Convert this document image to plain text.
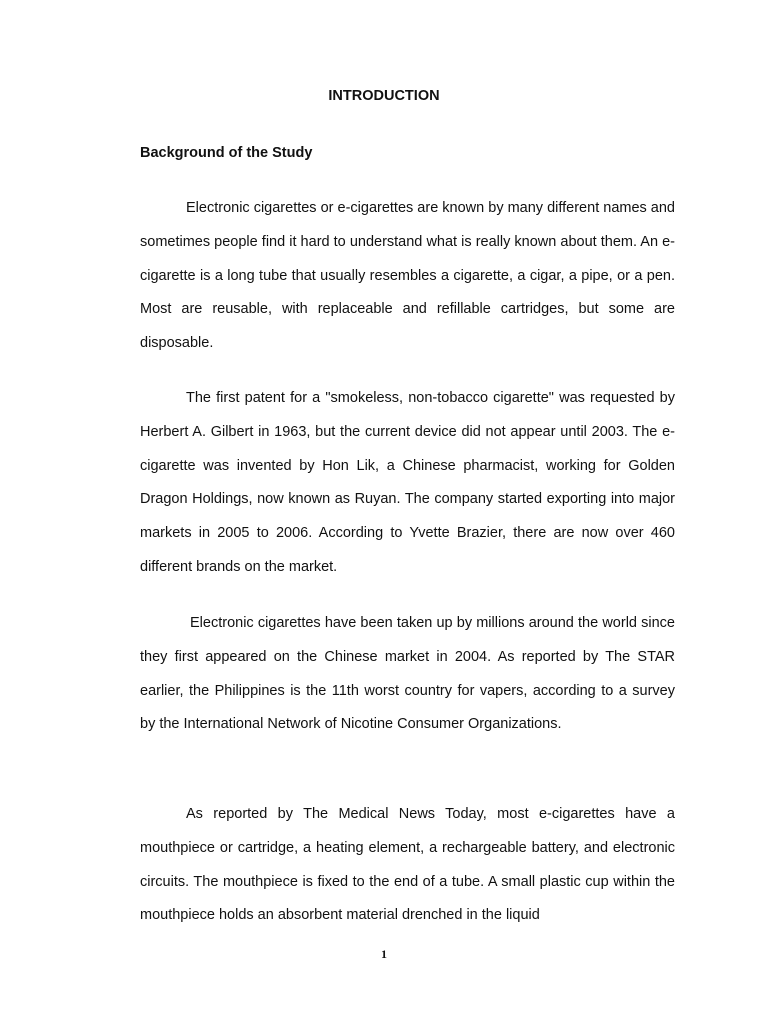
INTRODUCTION
Background of the Study

Electronic cigarettes or e-cigarettes are known by many different names and sometimes people find it hard to understand what is really known about them. An e-cigarette is a long tube that usually resembles a cigarette, a cigar, a pipe, or a pen. Most are reusable, with replaceable and refillable cartridges, but some are disposable.

The first patent for a "smokeless, non-tobacco cigarette" was requested by Herbert A. Gilbert in 1963, but the current device did not appear until 2003. The e-cigarette was invented by Hon Lik, a Chinese pharmacist, working for Golden Dragon Holdings, now known as Ruyan. The company started exporting into major markets in 2005 to 2006. According to Yvette Brazier, there are now over 460 different brands on the market.

Electronic cigarettes have been taken up by millions around the world since they first appeared on the Chinese market in 2004. As reported by The STAR earlier, the Philippines is the 11th worst country for vapers, according to a survey by the International Network of Nicotine Consumer Organizations.

As reported by The Medical News Today, most e-cigarettes have a mouthpiece or cartridge, a heating element, a rechargeable battery, and electronic circuits. The mouthpiece is fixed to the end of a tube. A small plastic cup within the mouthpiece holds an absorbent material drenched in the liquid

1
